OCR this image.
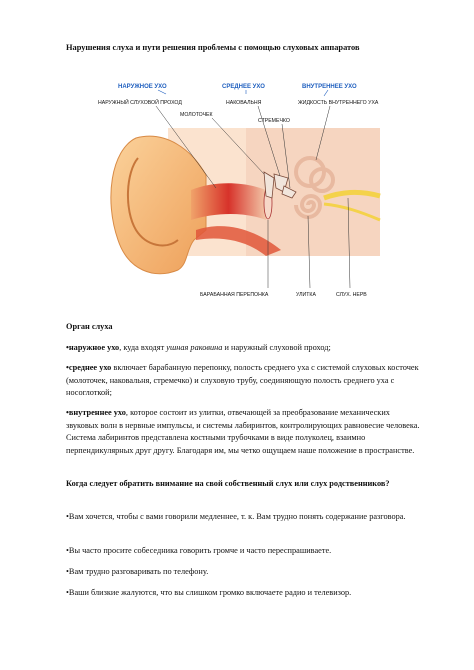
Нарушения слуха и пути решения проблемы с помощью слуховых аппаратов
НАРУЖНОЕ УХО	СРЕДНЕЕ УХО	ВНУТРЕННЕЕ УХО
НАРУЖНЫЙ СЛУХОВОЙ ПРОХОД
МОЛОТОЧЕК
НАКОВАЛЬНЯ
СТРЕМЕЧКО
ЖИДКОСТЬ ВНУТРЕННЕГО УХА
БАРАБАННАЯ ПЕРЕПОНКА	УЛИТКА	СЛУХ. НЕРВ
Орган слуха

•наружное ухо, куда входят ушная раковина и наружный слуховой проход;

•среднее ухо включает барабанную перепонку, полость среднего уха с системой слуховых косточек (молоточек, наковальня, стремечко) и слуховую трубу, соединяющую полость среднего уха с носоглоткой;

•внутреннее ухо, которое состоит из улитки, отвечающей за преобразование механических звуковых волн в нервные импульсы, и системы лабиринтов, контролирующих равновесие человека. Система лабиринтов представлена костными трубочками в виде полуколец, взаимно перпендикулярных друг другу. Благодаря им, мы четко ощущаем наше положение в пространстве.

Когда следует обратить внимание на свой собственный слух или слух родственников?

•Вам хочется, чтобы с вами говорили медленнее, т. к. Вам трудно понять содержание разговора.

•Вы часто просите собеседника говорить громче и часто переспрашиваете.

•Вам трудно разговаривать по телефону.

•Ваши близкие жалуются, что вы слишком громко включаете радио и телевизор.
